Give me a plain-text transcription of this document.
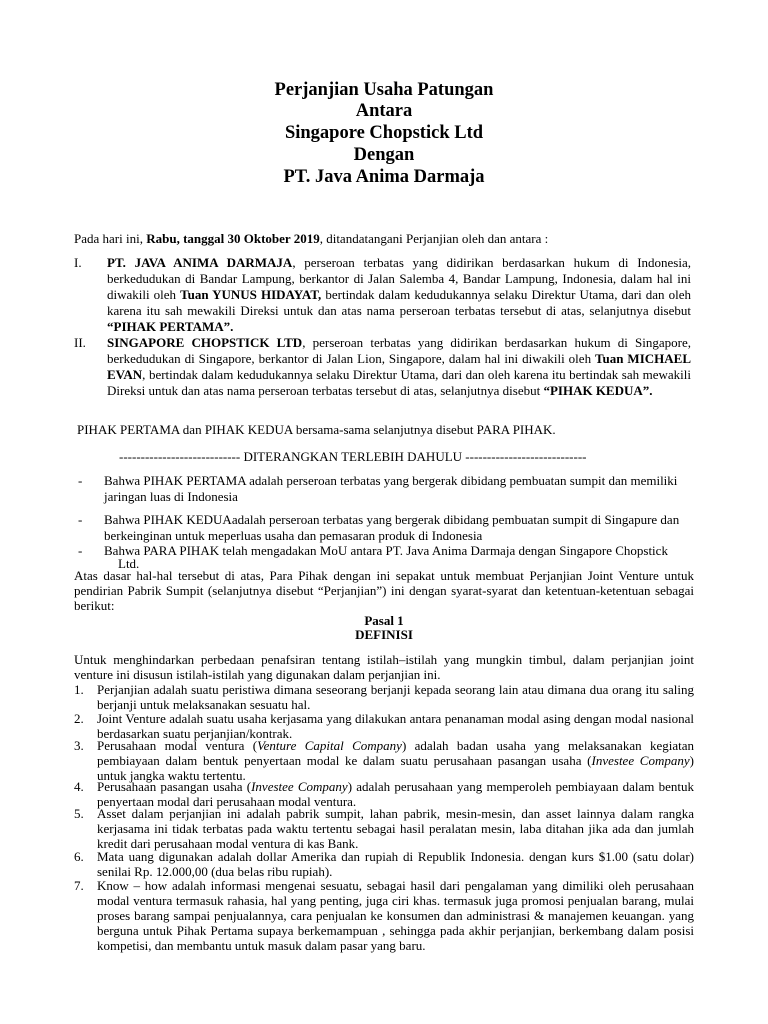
Perjanjian Usaha Patungan
Antara
Singapore Chopstick Ltd
Dengan
PT. Java Anima Darmaja
Pada hari ini, Rabu, tanggal 30 Oktober 2019, ditandatangani Perjanjian oleh dan antara :
I. PT. JAVA ANIMA DARMAJA, perseroan terbatas yang didirikan berdasarkan hukum di Indonesia, berkedudukan di Bandar Lampung, berkantor di Jalan Salemba 4, Bandar Lampung, Indonesia, dalam hal ini diwakili oleh Tuan YUNUS HIDAYAT, bertindak dalam kedudukannya selaku Direktur Utama, dari dan oleh karena itu sah mewakili Direksi untuk dan atas nama perseroan terbatas tersebut di atas, selanjutnya disebut “PIHAK PERTAMA”.
II. SINGAPORE CHOPSTICK LTD, perseroan terbatas yang didirikan berdasarkan hukum di Singapore, berkedudukan di Singapore, berkantor di Jalan Lion, Singapore, dalam hal ini diwakili oleh Tuan MICHAEL EVAN, bertindak dalam kedudukannya selaku Direktur Utama, dari dan oleh karena itu bertindak sah mewakili Direksi untuk dan atas nama perseroan terbatas tersebut di atas, selanjutnya disebut “PIHAK KEDUA”.
PIHAK PERTAMA dan PIHAK KEDUA bersama-sama selanjutnya disebut PARA PIHAK.
---------------------------- DITERANGKAN TERLEBIH DAHULU ----------------------------
- Bahwa PIHAK PERTAMA adalah perseroan terbatas yang bergerak dibidang pembuatan sumpit dan memiliki
jaringan luas di Indonesia
- Bahwa PIHAK KEDUAadalah perseroan terbatas yang bergerak dibidang pembuatan sumpit di Singapure dan
berkeinginan untuk meperluas usaha dan pemasaran produk di Indonesia
- Bahwa PARA PIHAK telah mengadakan MoU antara PT. Java Anima Darmaja dengan Singapore Chopstick
Ltd.
Atas dasar hal-hal tersebut di atas, Para Pihak dengan ini sepakat untuk membuat Perjanjian Joint Venture untuk pendirian Pabrik Sumpit (selanjutnya disebut “Perjanjian”) ini dengan syarat-syarat dan ketentuan-ketentuan sebagai berikut:
Pasal 1
DEFINISI
Untuk menghindarkan perbedaan penafsiran tentang istilah–istilah yang mungkin timbul, dalam perjanjian joint venture ini disusun istilah-istilah yang digunakan dalam perjanjian ini.
1. Perjanjian adalah suatu peristiwa dimana seseorang berjanji kepada seorang lain atau dimana dua orang itu saling berjanji untuk melaksanakan sesuatu hal.
2. Joint Venture adalah suatu usaha kerjasama yang dilakukan antara penanaman modal asing dengan modal nasional berdasarkan suatu perjanjian/kontrak.
3. Perusahaan modal ventura (Venture Capital Company) adalah badan usaha yang melaksanakan kegiatan pembiayaan dalam bentuk penyertaan modal ke dalam suatu perusahaan pasangan usaha (Investee Company) untuk jangka waktu tertentu.
4. Perusahaan pasangan usaha (Investee Company) adalah perusahaan yang memperoleh pembiayaan dalam bentuk penyertaan modal dari perusahaan modal ventura.
5. Asset dalam perjanjian ini adalah pabrik sumpit, lahan pabrik, mesin-mesin, dan asset lainnya dalam rangka kerjasama ini tidak terbatas pada waktu tertentu sebagai hasil peralatan mesin, laba ditahan jika ada dan jumlah kredit dari perusahaan modal ventura di kas Bank.
6. Mata uang digunakan adalah dollar Amerika dan rupiah di Republik Indonesia. dengan kurs $1.00 (satu dolar) senilai Rp. 12.000,00 (dua belas ribu rupiah).
7. Know – how adalah informasi mengenai sesuatu, sebagai hasil dari pengalaman yang dimiliki oleh perusahaan modal ventura termasuk rahasia, hal yang penting, juga ciri khas. termasuk juga promosi penjualan barang, mulai proses barang sampai penjualannya, cara penjualan ke konsumen dan administrasi & manajemen keuangan. yang berguna untuk Pihak Pertama supaya berkemampuan , sehingga pada akhir perjanjian, berkembang dalam posisi kompetisi, dan membantu untuk masuk dalam pasar yang baru.
